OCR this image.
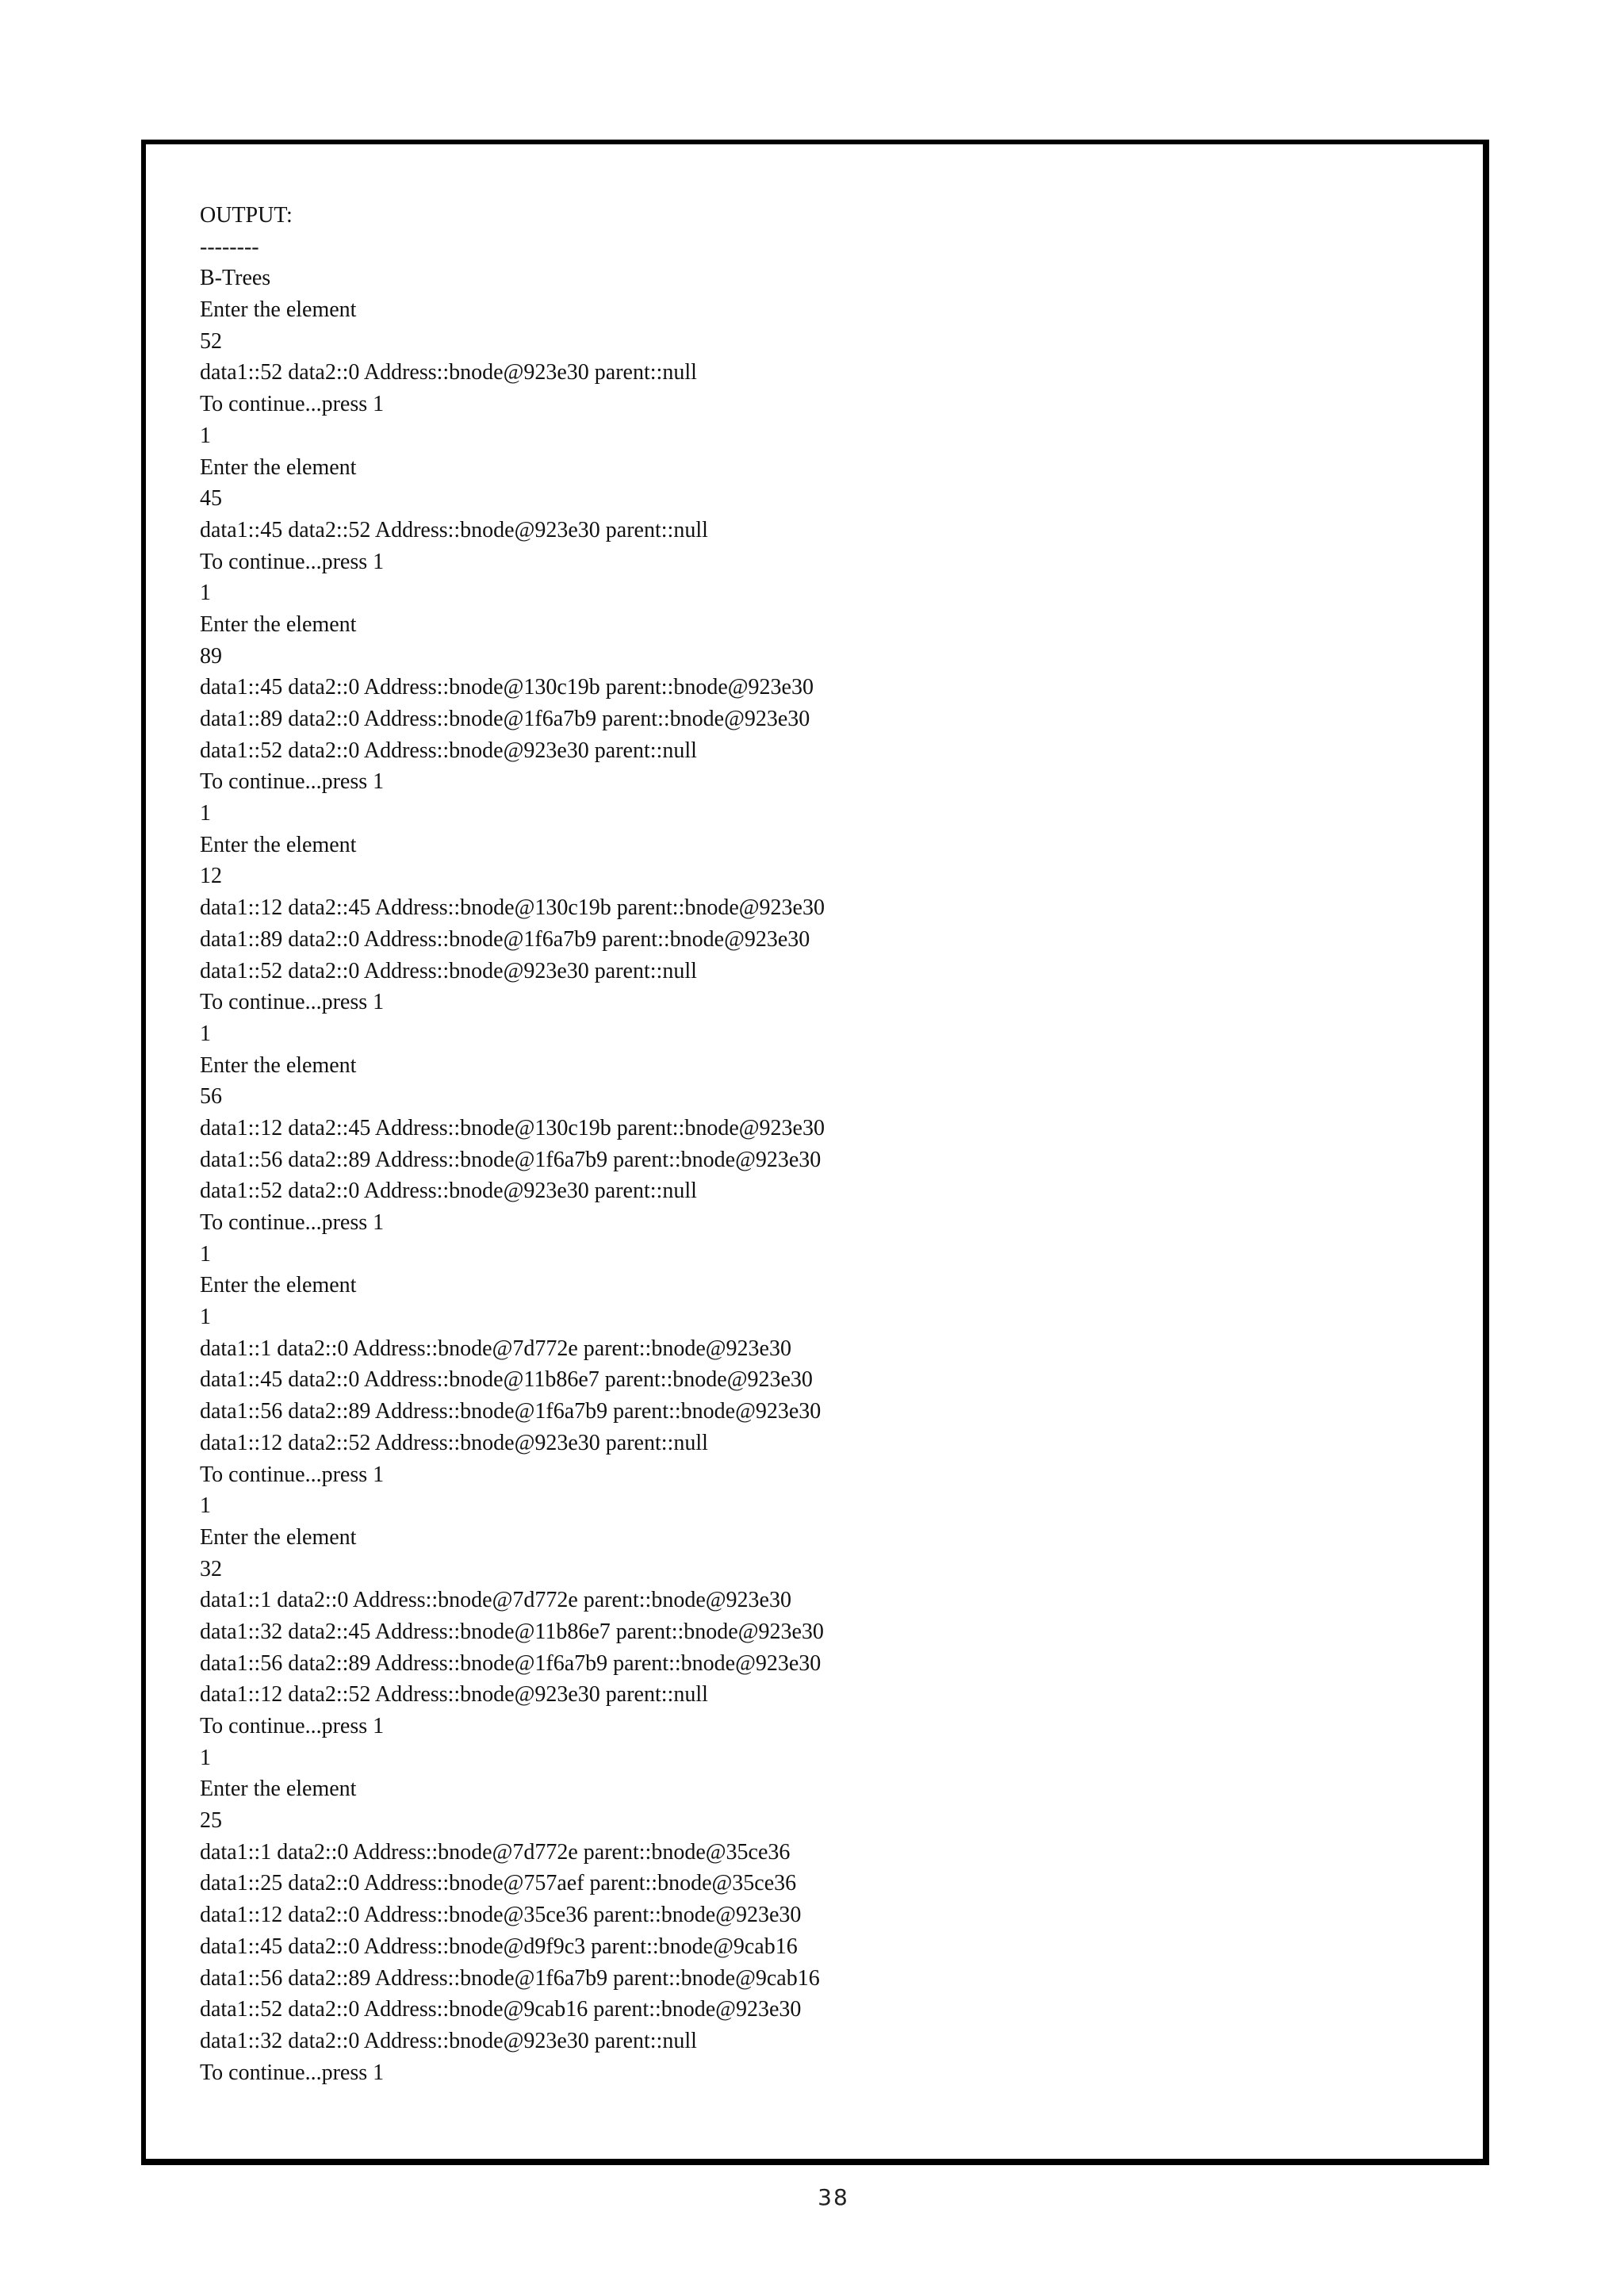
OUTPUT:
--------
B-Trees
Enter the element
52
data1::52 data2::0 Address::bnode@923e30 parent::null
To continue...press 1
1
Enter the element
45
data1::45 data2::52 Address::bnode@923e30 parent::null
To continue...press 1
1
Enter the element
89
data1::45 data2::0 Address::bnode@130c19b parent::bnode@923e30
data1::89 data2::0 Address::bnode@1f6a7b9 parent::bnode@923e30
data1::52 data2::0 Address::bnode@923e30 parent::null
To continue...press 1
1
Enter the element
12
data1::12 data2::45 Address::bnode@130c19b parent::bnode@923e30
data1::89 data2::0 Address::bnode@1f6a7b9 parent::bnode@923e30
data1::52 data2::0 Address::bnode@923e30 parent::null
To continue...press 1
1
Enter the element
56
data1::12 data2::45 Address::bnode@130c19b parent::bnode@923e30
data1::56 data2::89 Address::bnode@1f6a7b9 parent::bnode@923e30
data1::52 data2::0 Address::bnode@923e30 parent::null
To continue...press 1
1
Enter the element
1
data1::1 data2::0 Address::bnode@7d772e parent::bnode@923e30
data1::45 data2::0 Address::bnode@11b86e7 parent::bnode@923e30
data1::56 data2::89 Address::bnode@1f6a7b9 parent::bnode@923e30
data1::12 data2::52 Address::bnode@923e30 parent::null
To continue...press 1
1
Enter the element
32
data1::1 data2::0 Address::bnode@7d772e parent::bnode@923e30
data1::32 data2::45 Address::bnode@11b86e7 parent::bnode@923e30
data1::56 data2::89 Address::bnode@1f6a7b9 parent::bnode@923e30
data1::12 data2::52 Address::bnode@923e30 parent::null
To continue...press 1
1
Enter the element
25
data1::1 data2::0 Address::bnode@7d772e parent::bnode@35ce36
data1::25 data2::0 Address::bnode@757aef parent::bnode@35ce36
data1::12 data2::0 Address::bnode@35ce36 parent::bnode@923e30
data1::45 data2::0 Address::bnode@d9f9c3 parent::bnode@9cab16
data1::56 data2::89 Address::bnode@1f6a7b9 parent::bnode@9cab16
data1::52 data2::0 Address::bnode@9cab16 parent::bnode@923e30
data1::32 data2::0 Address::bnode@923e30 parent::null
To continue...press 1
38
